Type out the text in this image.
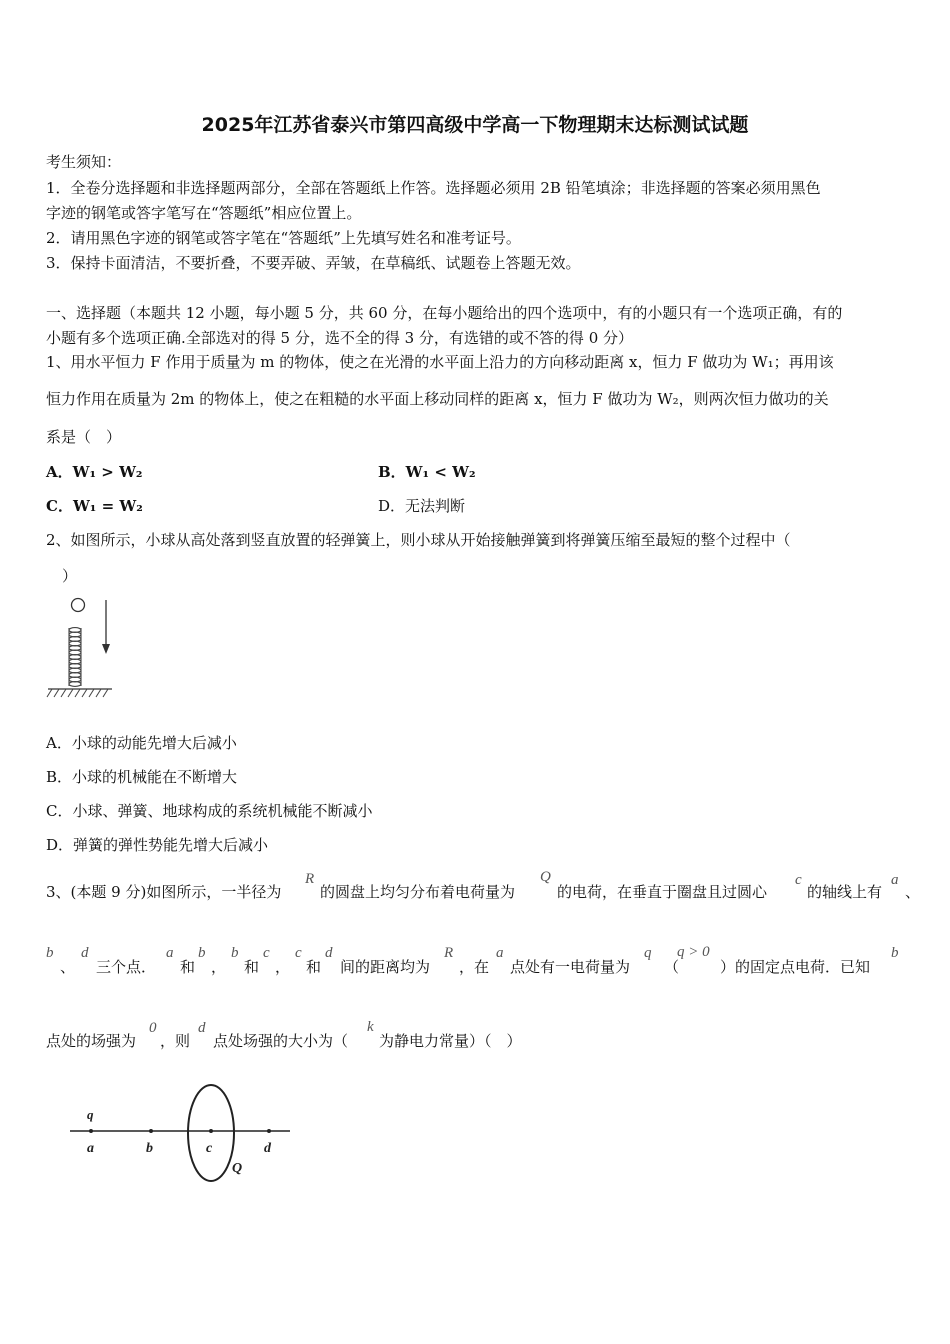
2025年江苏省泰兴市第四高级中学高一下物理期末达标测试试题
考生须知：
1．全卷分选择题和非选择题两部分，全部在答题纸上作答。选择题必须用 2B 铅笔填涂；非选择题的答案必须用黑色
字迹的钢笔或答字笔写在“答题纸”相应位置上。
2．请用黑色字迹的钢笔或答字笔在“答题纸”上先填写姓名和准考证号。
3．保持卡面清洁，不要折叠，不要弄破、弄皱，在草稿纸、试题卷上答题无效。
一、选择题（本题共 12 小题，每小题 5 分，共 60 分，在每小题给出的四个选项中，有的小题只有一个选项正确，有的
小题有多个选项正确.全部选对的得 5 分，选不全的得 3 分，有选错的或不答的得 0 分）
1、用水平恒力 F 作用于质量为 m 的物体，使之在光滑的水平面上沿力的方向移动距离 x，恒力 F 做功为 W₁；再用该
恒力作用在质量为 2m 的物体上，使之在粗糙的水平面上移动同样的距离 x，恒力 F 做功为 W₂，则两次恒力做功的关
系是（　）
A．W₁ > W₂	B．W₁ < W₂
C．W₁ = W₂	D．无法判断
2、如图所示，小球从高处落到竖直放置的轻弹簧上，则小球从开始接触弹簧到将弹簧压缩至最短的整个过程中（
）
A．小球的动能先增大后减小
B．小球的机械能在不断增大
C．小球、弹簧、地球构成的系统机械能不断减小
D．弹簧的弹性势能先增大后减小
3、(本题 9 分)如图所示，一半径为
R
的圆盘上均匀分布着电荷量为
Q
的电荷，在垂直于圈盘且过圆心
c
的轴线上有
a
、
b
、
d
三个点．
a
和
b
，
b
和
c
，
c
和
d
间的距离均为
R
，在
a
点处有一电荷量为
q
（
q > 0
）的固定点电荷．已知
b
点处的场强为
0
，则
d
点处场强的大小为（
k
为静电力常量）（　）
q
a	b	c	d
Q
